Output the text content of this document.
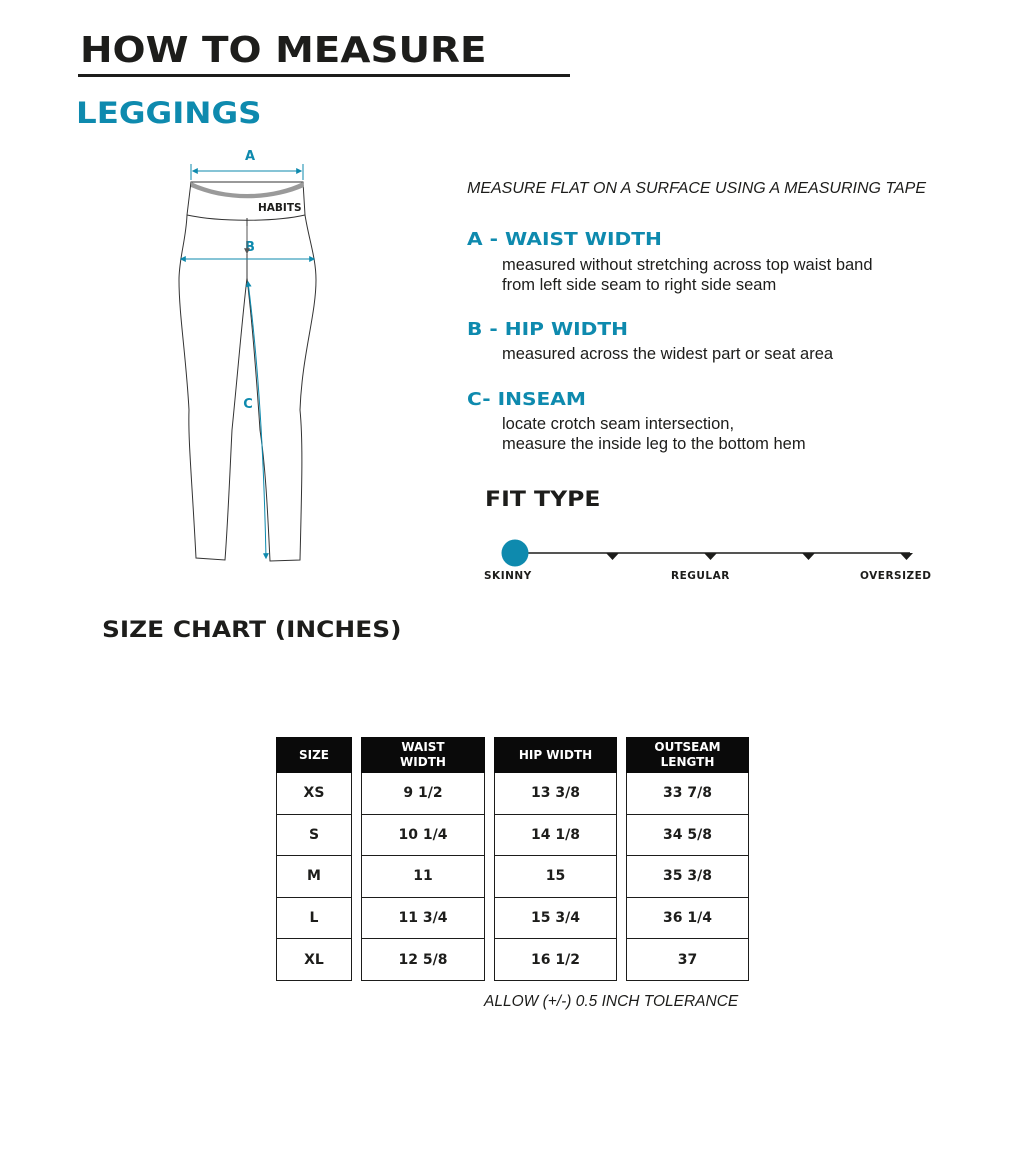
HOW TO MEASURE
LEGGINGS
HABITS
A
B
C
MEASURE FLAT ON A SURFACE USING A MEASURING TAPE
A - WAIST WIDTH
measured without stretching across top waist band
from left side seam to right side seam
B - HIP WIDTH
measured across the widest part or seat area
C- INSEAM
locate crotch seam intersection,
measure the inside leg to the bottom hem
FIT TYPE
SKINNY	REGULAR	OVERSIZED
SIZE CHART (INCHES)
SIZE
XS
S
M
L
XL
WAIST
WIDTH
9 1/2
10 1/4
11
11 3/4
12 5/8
HIP WIDTH
13 3/8
14 1/8
15
15 3/4
16 1/2
OUTSEAM
LENGTH
33 7/8
34 5/8
35 3/8
36 1/4
37
ALLOW (+/-) 0.5 INCH TOLERANCE
